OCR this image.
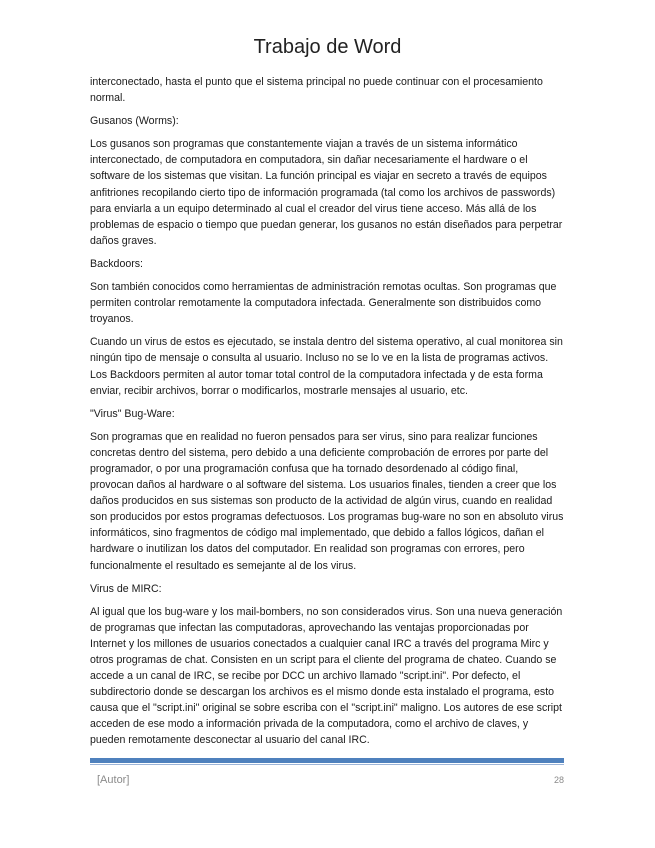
Trabajo de Word

interconectado, hasta el punto que el sistema principal no puede continuar con el procesamiento normal.

Gusanos (Worms):

Los gusanos son programas que constantemente viajan a través de un sistema informático interconectado, de computadora en computadora, sin dañar necesariamente el hardware o el software de los sistemas que visitan. La función principal es viajar en secreto a través de equipos anfitriones recopilando cierto tipo de información programada (tal como los archivos de passwords) para enviarla a un equipo determinado al cual el creador del virus tiene acceso. Más allá de los problemas de espacio o tiempo que puedan generar, los gusanos no están diseñados para perpetrar daños graves.

Backdoors:

Son también conocidos como herramientas de administración remotas ocultas. Son programas que permiten controlar remotamente la computadora infectada. Generalmente son distribuidos como troyanos.

Cuando un virus de estos es ejecutado, se instala dentro del sistema operativo, al cual monitorea sin ningún tipo de mensaje o consulta al usuario. Incluso no se lo ve en la lista de programas activos. Los Backdoors permiten al autor tomar total control de la computadora infectada y de esta forma enviar, recibir archivos, borrar o modificarlos, mostrarle mensajes al usuario, etc.

"Virus" Bug-Ware:

Son programas que en realidad no fueron pensados para ser virus, sino para realizar funciones concretas dentro del sistema, pero debido a una deficiente comprobación de errores por parte del programador, o por una programación confusa que ha tornado desordenado al código final, provocan daños al hardware o al software del sistema. Los usuarios finales, tienden a creer que los daños producidos en sus sistemas son producto de la actividad de algún virus, cuando en realidad son producidos por estos programas defectuosos. Los programas bug-ware no son en absoluto virus informáticos, sino fragmentos de código mal implementado, que debido a fallos lógicos, dañan el hardware o inutilizan los datos del computador. En realidad son programas con errores, pero funcionalmente el resultado es semejante al de los virus.

Virus de MIRC:

Al igual que los bug-ware y los mail-bombers, no son considerados virus. Son una nueva generación de programas que infectan las computadoras, aprovechando las ventajas proporcionadas por Internet y los millones de usuarios conectados a cualquier canal IRC a través del programa Mirc y otros programas de chat. Consisten en un script para el cliente del programa de chateo. Cuando se accede a un canal de IRC, se recibe por DCC un archivo llamado "script.ini". Por defecto, el subdirectorio donde se descargan los archivos es el mismo donde esta instalado el programa, esto causa que el "script.ini" original se sobre escriba con el "script.ini" maligno. Los autores de ese script acceden de ese modo a información privada de la computadora, como el archivo de claves, y pueden remotamente desconectar al usuario del canal IRC.

[Autor]	28
